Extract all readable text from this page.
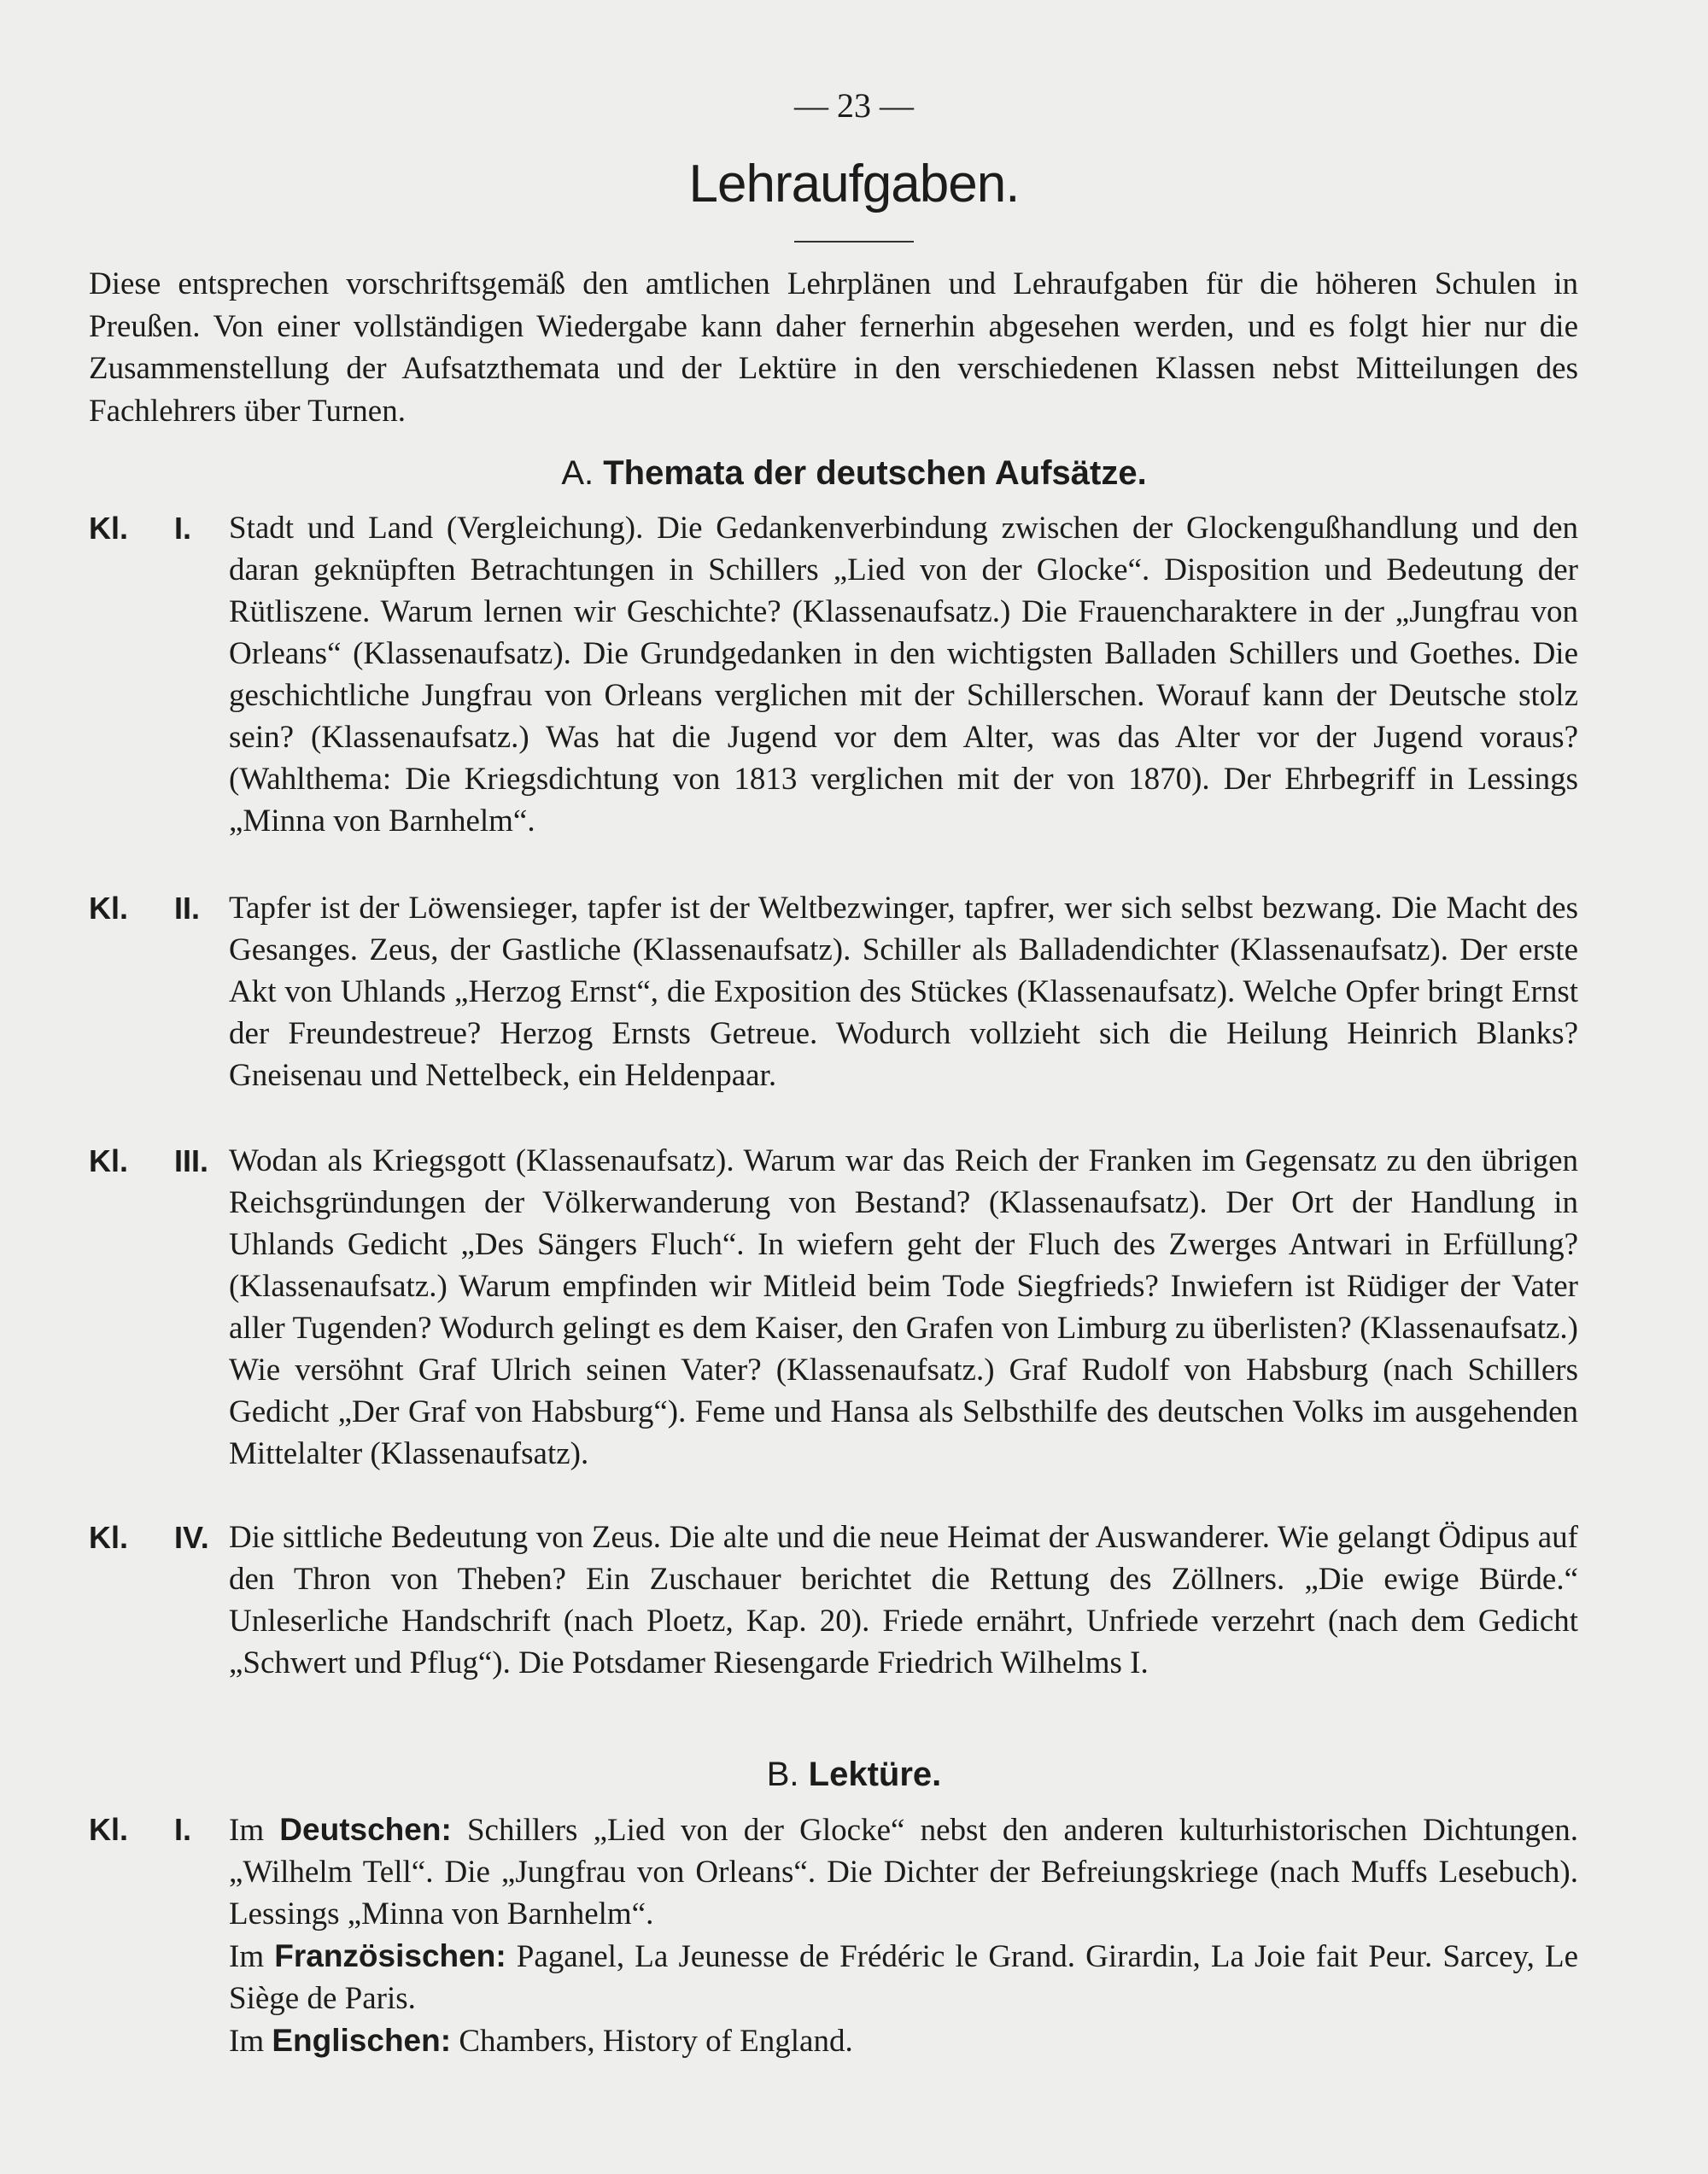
— 23 —
Lehraufgaben.
Diese entsprechen vorschriftsgemäß den amtlichen Lehrplänen und Lehraufgaben für die höheren Schulen in Preußen. Von einer vollständigen Wiedergabe kann daher fernerhin abgesehen werden, und es folgt hier nur die Zusammenstellung der Aufsatzthemata und der Lektüre in den verschiedenen Klassen nebst Mitteilungen des Fachlehrers über Turnen.
A. Themata der deutschen Aufsätze.
Kl. I. Stadt und Land (Vergleichung). Die Gedankenverbindung zwischen der Glockengußhandlung und den daran geknüpften Betrachtungen in Schillers „Lied von der Glocke“. Disposition und Bedeutung der Rütliszene. Warum lernen wir Geschichte? (Klassenaufsatz.) Die Frauencharaktere in der „Jungfrau von Orleans“ (Klassenaufsatz). Die Grundgedanken in den wichtigsten Balladen Schillers und Goethes. Die geschichtliche Jungfrau von Orleans verglichen mit der Schillerschen. Worauf kann der Deutsche stolz sein? (Klassenaufsatz.) Was hat die Jugend vor dem Alter, was das Alter vor der Jugend voraus? (Wahlthema: Die Kriegsdichtung von 1813 verglichen mit der von 1870). Der Ehrbegriff in Lessings „Minna von Barnhelm“.
Kl. II. Tapfer ist der Löwensieger, tapfer ist der Weltbezwinger, tapfrer, wer sich selbst bezwang. Die Macht des Gesanges. Zeus, der Gastliche (Klassenaufsatz). Schiller als Balladendichter (Klassenaufsatz). Der erste Akt von Uhlands „Herzog Ernst“, die Exposition des Stückes (Klassenaufsatz). Welche Opfer bringt Ernst der Freundestreue? Herzog Ernsts Getreue. Wodurch vollzieht sich die Heilung Heinrich Blanks? Gneisenau und Nettelbeck, ein Heldenpaar.
Kl. III. Wodan als Kriegsgott (Klassenaufsatz). Warum war das Reich der Franken im Gegensatz zu den übrigen Reichsgründungen der Völkerwanderung von Bestand? (Klassenaufsatz). Der Ort der Handlung in Uhlands Gedicht „Des Sängers Fluch“. In wiefern geht der Fluch des Zwerges Antwari in Erfüllung? (Klassenaufsatz.) Warum empfinden wir Mitleid beim Tode Siegfrieds? Inwiefern ist Rüdiger der Vater aller Tugenden? Wodurch gelingt es dem Kaiser, den Grafen von Limburg zu überlisten? (Klassenaufsatz.) Wie versöhnt Graf Ulrich seinen Vater? (Klassenaufsatz.) Graf Rudolf von Habsburg (nach Schillers Gedicht „Der Graf von Habsburg“). Feme und Hansa als Selbsthilfe des deutschen Volks im ausgehenden Mittelalter (Klassenaufsatz).
Kl. IV. Die sittliche Bedeutung von Zeus. Die alte und die neue Heimat der Auswanderer. Wie gelangt Ödipus auf den Thron von Theben? Ein Zuschauer berichtet die Rettung des Zöllners. „Die ewige Bürde.“ Unleserliche Handschrift (nach Ploetz, Kap. 20). Friede ernährt, Unfriede verzehrt (nach dem Gedicht „Schwert und Pflug“). Die Potsdamer Riesengarde Friedrich Wilhelms I.
B. Lektüre.
Kl. I. Im Deutschen: Schillers „Lied von der Glocke“ nebst den anderen kulturhistorischen Dichtungen. „Wilhelm Tell“. Die „Jungfrau von Orleans“. Die Dichter der Befreiungskriege (nach Muffs Lesebuch). Lessings „Minna von Barnhelm“.

Im Französischen: Paganel, La Jeunesse de Frédéric le Grand. Girardin, La Joie fait Peur. Sarcey, Le Siège de Paris.

Im Englischen: Chambers, History of England.
